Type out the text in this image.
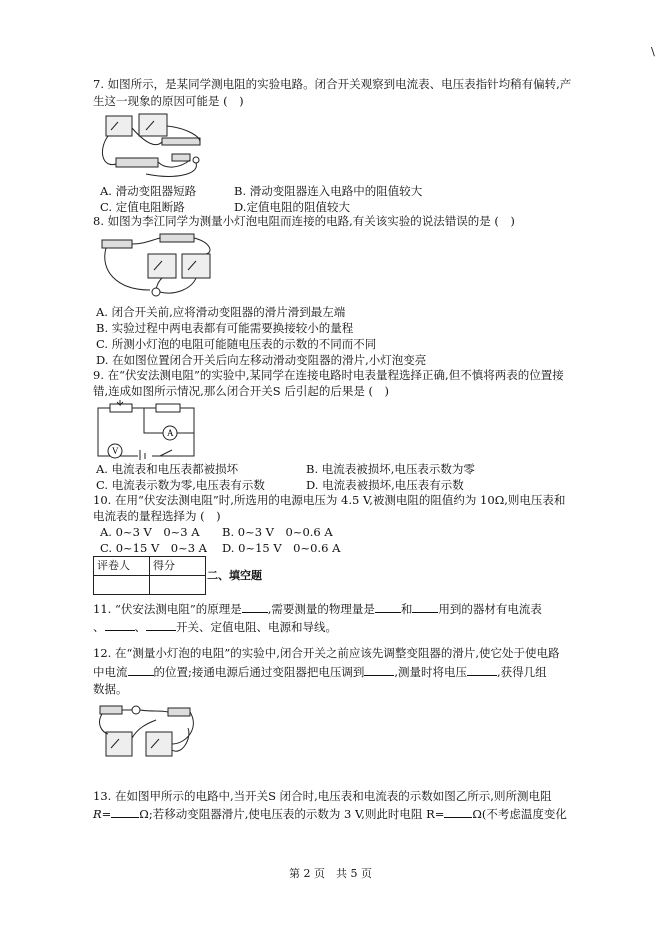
\
7. 如图所示，是某同学测电阻的实验电路。闭合开关观察到电流表、电压表指针均稍有偏转,产
生这一现象的原因可能是 (　)
A. 滑动变阻器短路	B. 滑动变阻器连入电路中的阻值较大
C. 定值电阻断路	D.定值电阻的阻值较大
8. 如图为李江同学为测量小灯泡电阻而连接的电路,有关该实验的说法错误的是 (　)
A. 闭合开关前,应将滑动变阻器的滑片滑到最左端
B. 实验过程中两电表都有可能需要换接较小的量程
C. 所测小灯泡的电阻可能随电压表的示数的不同而不同
D. 在如图位置闭合开关后向左移动滑动变阻器的滑片,小灯泡变亮
9. 在“伏安法测电阻”的实验中,某同学在连接电路时电表量程选择正确,但不慎将两表的位置接
错,连成如图所示情况,那么闭合开关S 后引起的后果是 (　)
A
V
A. 电流表和电压表都被损坏	B. 电流表被损坏,电压表示数为零
C. 电流表示数为零,电压表有示数	D. 电流表被损坏,电压表有示数
10. 在用“伏安法测电阻”时,所选用的电源电压为 4.5 V,被测电阻的阻值约为 10Ω,则电压表和
电流表的量程选择为 (　)
A. 0~3 V　0~3 A B. 0~3 V　0~0.6 A
C. 0~15 V　0~3 A D. 0~15 V　0~0.6 A
评卷人	得分

二、填空题
11. “伏安法测电阻”的原理是 ,需要测量的物理量是 和 用到的器材有电流表
、	、	开关、定值电阻、电源和导线。
12. 在“测量小灯泡的电阻”的实验中,闭合开关之前应该先调整变阻器的滑片,使它处于使电路
中电流 的位置;接通电源后通过变阻器把电压调到	,测量时将电压	,获得几组
数据。
13. 在如图甲所示的电路中,当开关S 闭合时,电压表和电流表的示数如图乙所示,则所测电阻
R= Ω;若移动变阻器滑片,使电压表的示数为 3 V,则此时电阻 R= Ω(不考虑温度变化
第 2 页　共 5 页
